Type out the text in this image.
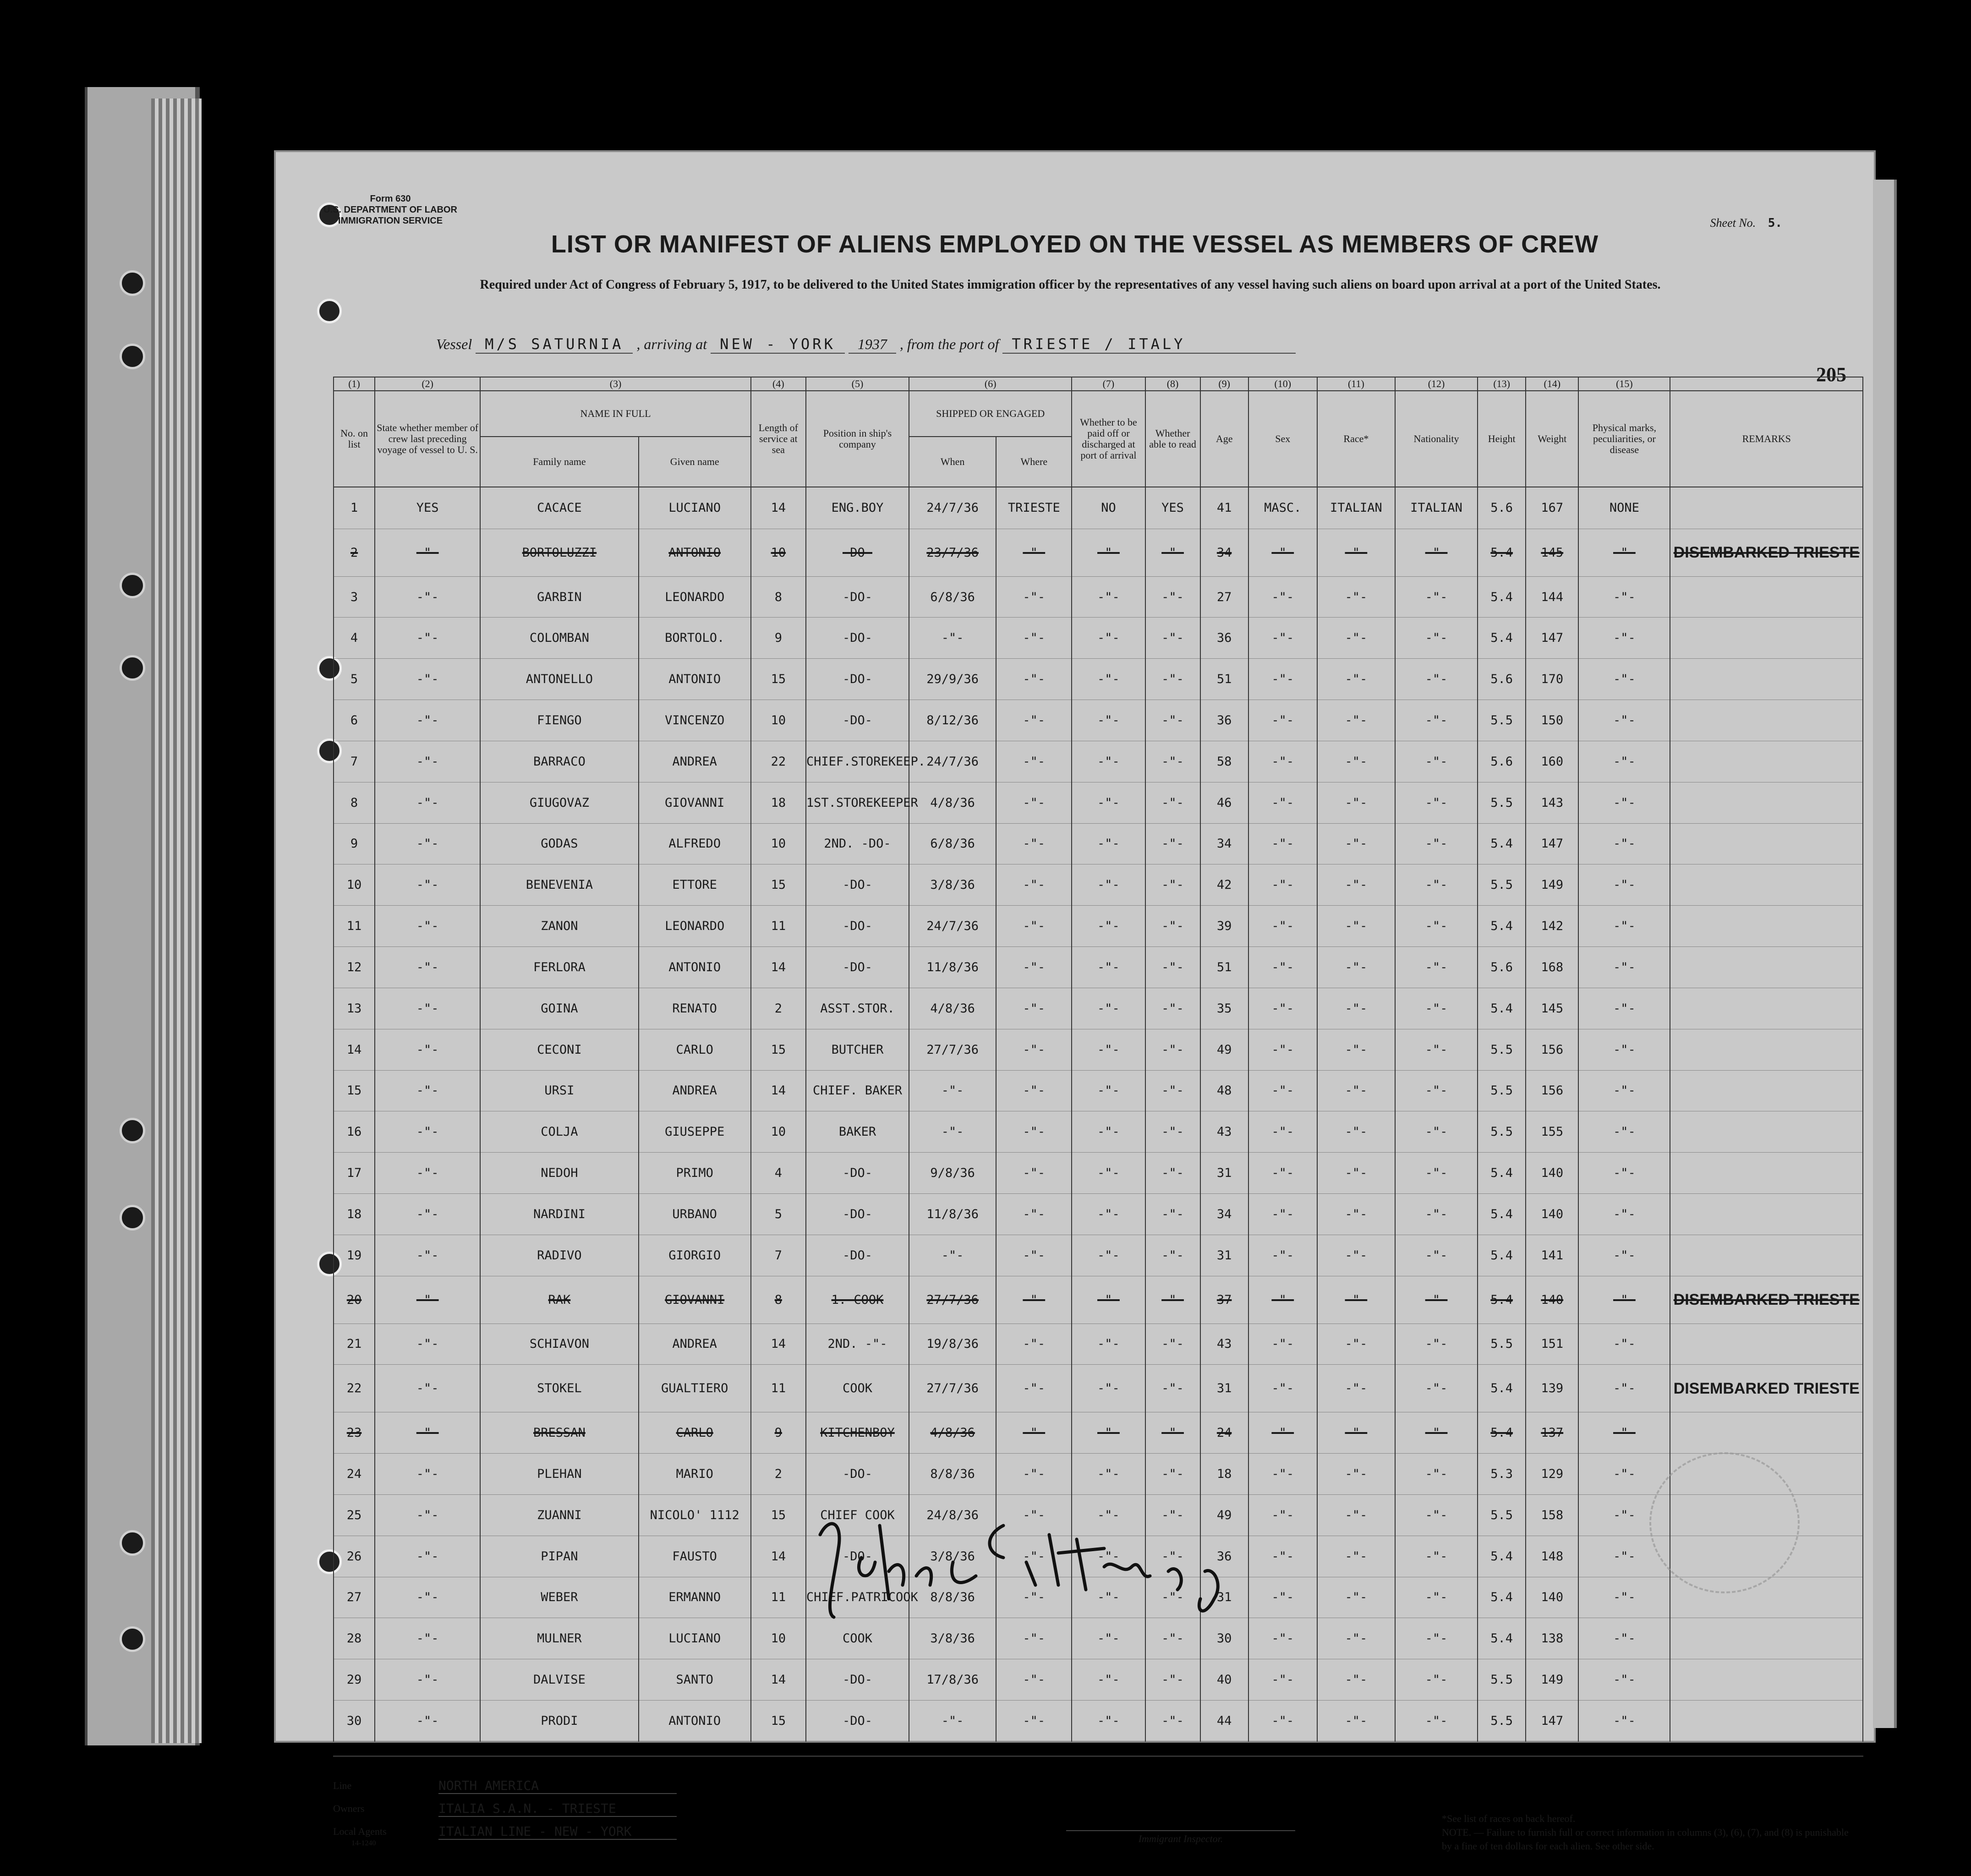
Form 630
U.S. DEPARTMENT OF LABOR
IMMIGRATION SERVICE	Sheet No. 5.
LIST OR MANIFEST OF ALIENS EMPLOYED ON THE VESSEL AS MEMBERS OF CREW
Required under Act of Congress of February 5, 1917, to be delivered to the United States immigration officer by the representatives of any vessel having such aliens on board upon arrival at a port of the United States.
Vessel M/S SATURNIA , arriving at NEW - YORK 1937 , from the port of TRIESTE / ITALY
205
(1)	(2)	(3)		(4)	(5)	(6)		(7)	(8)	(9)	(10)	(11)	(12)	(13)	(14)	(15)	
No. on list	State whether member of crew last preceding voyage of vessel to U. S.	NAME IN FULL		Length of service at sea	Position in ship's company	SHIPPED OR ENGAGED		Whether to be paid off or discharged at port of arrival	Whether able to read	Age	Sex	Race*	Nationality	Height	Weight	Physical marks, peculiarities, or disease	REMARKS
		Family name	Given name			When	Where										
1	YES	CACACE	LUCIANO	14	ENG.BOY	24/7/36	TRIESTE	NO	YES	41	MASC.	ITALIAN	ITALIAN	5.6	167	NONE	
2	-"-	BORTOLUZZI	ANTONIO	10	-DO-	23/7/36	-"-	-"-	-"-	34	-"-	-"-	-"-	5.4	145	-"-	DISEMBARKED TRIESTE
3	-"-	GARBIN	LEONARDO	8	-DO-	6/8/36	-"-	-"-	-"-	27	-"-	-"-	-"-	5.4	144	-"-	
4	-"-	COLOMBAN	BORTOLO.	9	-DO-	-"-	-"-	-"-	-"-	36	-"-	-"-	-"-	5.4	147	-"-	
5	-"-	ANTONELLO	ANTONIO	15	-DO-	29/9/36	-"-	-"-	-"-	51	-"-	-"-	-"-	5.6	170	-"-	
6	-"-	FIENGO	VINCENZO	10	-DO-	8/12/36	-"-	-"-	-"-	36	-"-	-"-	-"-	5.5	150	-"-	
7	-"-	BARRACO	ANDREA	22	CHIEF.STOREKEEP.	24/7/36	-"-	-"-	-"-	58	-"-	-"-	-"-	5.6	160	-"-	
8	-"-	GIUGOVAZ	GIOVANNI	18	1ST.STOREKEEPER	4/8/36	-"-	-"-	-"-	46	-"-	-"-	-"-	5.5	143	-"-	
9	-"-	GODAS	ALFREDO	10	2ND. -DO-	6/8/36	-"-	-"-	-"-	34	-"-	-"-	-"-	5.4	147	-"-	
10	-"-	BENEVENIA	ETTORE	15	-DO-	3/8/36	-"-	-"-	-"-	42	-"-	-"-	-"-	5.5	149	-"-	
11	-"-	ZANON	LEONARDO	11	-DO-	24/7/36	-"-	-"-	-"-	39	-"-	-"-	-"-	5.4	142	-"-	
12	-"-	FERLORA	ANTONIO	14	-DO-	11/8/36	-"-	-"-	-"-	51	-"-	-"-	-"-	5.6	168	-"-	
13	-"-	GOINA	RENATO	2	ASST.STOR.	4/8/36	-"-	-"-	-"-	35	-"-	-"-	-"-	5.4	145	-"-	
14	-"-	CECONI	CARLO	15	BUTCHER	27/7/36	-"-	-"-	-"-	49	-"-	-"-	-"-	5.5	156	-"-	
15	-"-	URSI	ANDREA	14	CHIEF. BAKER	-"-	-"-	-"-	-"-	48	-"-	-"-	-"-	5.5	156	-"-	
16	-"-	COLJA	GIUSEPPE	10	BAKER	-"-	-"-	-"-	-"-	43	-"-	-"-	-"-	5.5	155	-"-	
17	-"-	NEDOH	PRIMO	4	-DO-	9/8/36	-"-	-"-	-"-	31	-"-	-"-	-"-	5.4	140	-"-	
18	-"-	NARDINI	URBANO	5	-DO-	11/8/36	-"-	-"-	-"-	34	-"-	-"-	-"-	5.4	140	-"-	
19	-"-	RADIVO	GIORGIO	7	-DO-	-"-	-"-	-"-	-"-	31	-"-	-"-	-"-	5.4	141	-"-	
20	-"-	RAK	GIOVANNI	8	1. COOK	27/7/36	-"-	-"-	-"-	37	-"-	-"-	-"-	5.4	140	-"-	DISEMBARKED TRIESTE
21	-"-	SCHIAVON	ANDREA	14	2ND. -"-	19/8/36	-"-	-"-	-"-	43	-"-	-"-	-"-	5.5	151	-"-	
22	-"-	STOKEL	GUALTIERO	11	COOK	27/7/36	-"-	-"-	-"-	31	-"-	-"-	-"-	5.4	139	-"-	DISEMBARKED TRIESTE
23	-"-	BRESSAN	CARLO	9	KITCHENBOY	4/8/36	-"-	-"-	-"-	24	-"-	-"-	-"-	5.4	137	-"-	
24	-"-	PLEHAN	MARIO	2	-DO-	8/8/36	-"-	-"-	-"-	18	-"-	-"-	-"-	5.3	129	-"-	
25	-"-	ZUANNI	NICOLO' 1112	15	CHIEF COOK	24/8/36	-"-	-"-	-"-	49	-"-	-"-	-"-	5.5	158	-"-	
26	-"-	PIPAN	FAUSTO	14	-DO-	3/8/36	-"-	-"-	-"-	36	-"-	-"-	-"-	5.4	148	-"-	
27	-"-	WEBER	ERMANNO	11	CHIEF.PATRICOOK	8/8/36	-"-	-"-	-"-	31	-"-	-"-	-"-	5.4	140	-"-	
28	-"-	MULNER	LUCIANO	10	COOK	3/8/36	-"-	-"-	-"-	30	-"-	-"-	-"-	5.4	138	-"-	
29	-"-	DALVISE	SANTO	14	-DO-	17/8/36	-"-	-"-	-"-	40	-"-	-"-	-"-	5.5	149	-"-	
30	-"-	PRODI	ANTONIO	15	-DO-	-"-	-"-	-"-	-"-	44	-"-	-"-	-"-	5.5	147	-"-	
Line	NORTH AMERICA
Owners	ITALIA S.A.N. - TRIESTE
Local Agents	ITALIAN LINE - NEW - YORK
14-1240	Immigrant Inspector.
*See list of races on back hereof.
NOTE. — Failure to furnish full or correct information in columns (3), (6), (7), and (8) is punishable by a fine of ten dollars for each alien. See other side.
